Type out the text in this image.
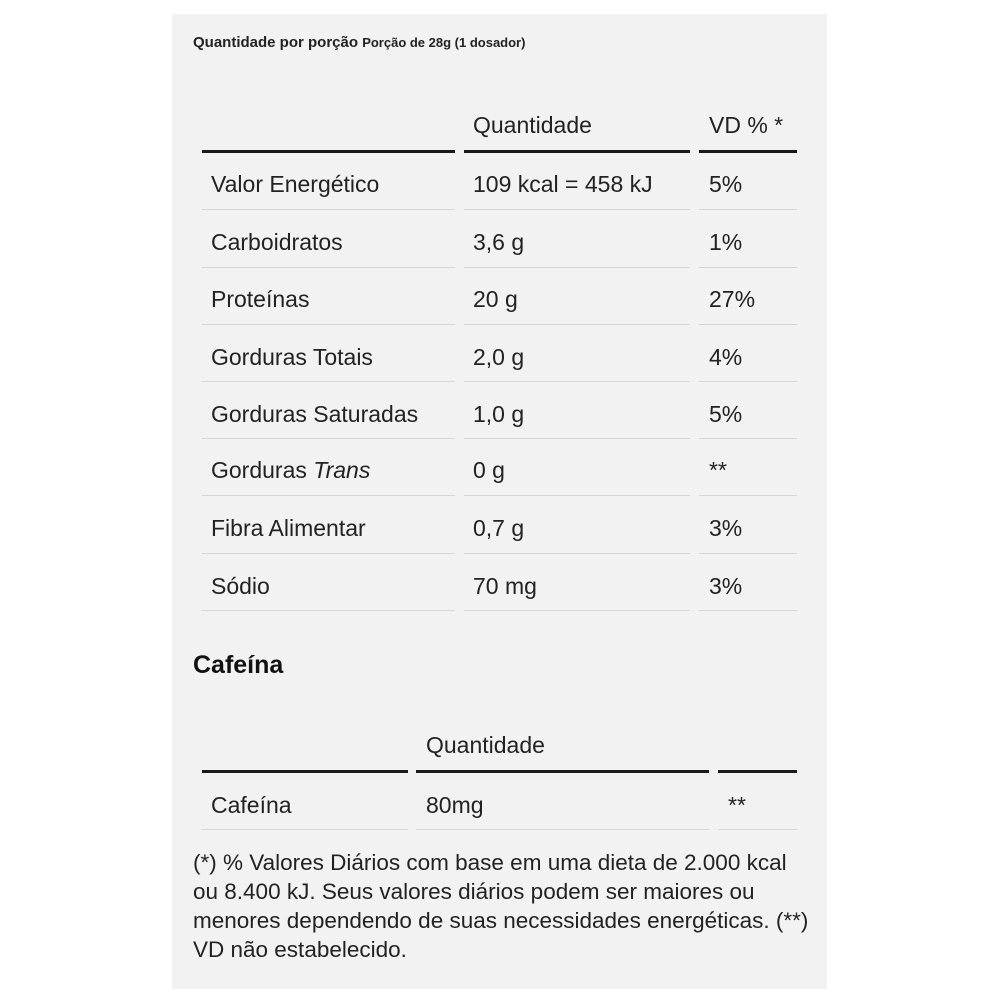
Quantidade por porção Porção de 28g (1 dosador)
Quantidade	VD % *
Valor Energético	109 kcal = 458 kJ 5%
Carboidratos	3,6 g	1%
Proteínas	20 g	27%
Gorduras Totais	2,0 g	4%
Gorduras Saturadas 1,0 g	5%
Gorduras Trans	0 g	**
Fibra Alimentar	0,7 g	3%
Sódio	70 mg	3%
Cafeína
Quantidade
Cafeína	80mg	**
(*) % Valores Diários com base em uma dieta de 2.000 kcal ou 8.400 kJ. Seus valores diários podem ser maiores ou menores dependendo de suas necessidades energéticas. (**) VD não estabelecido.
